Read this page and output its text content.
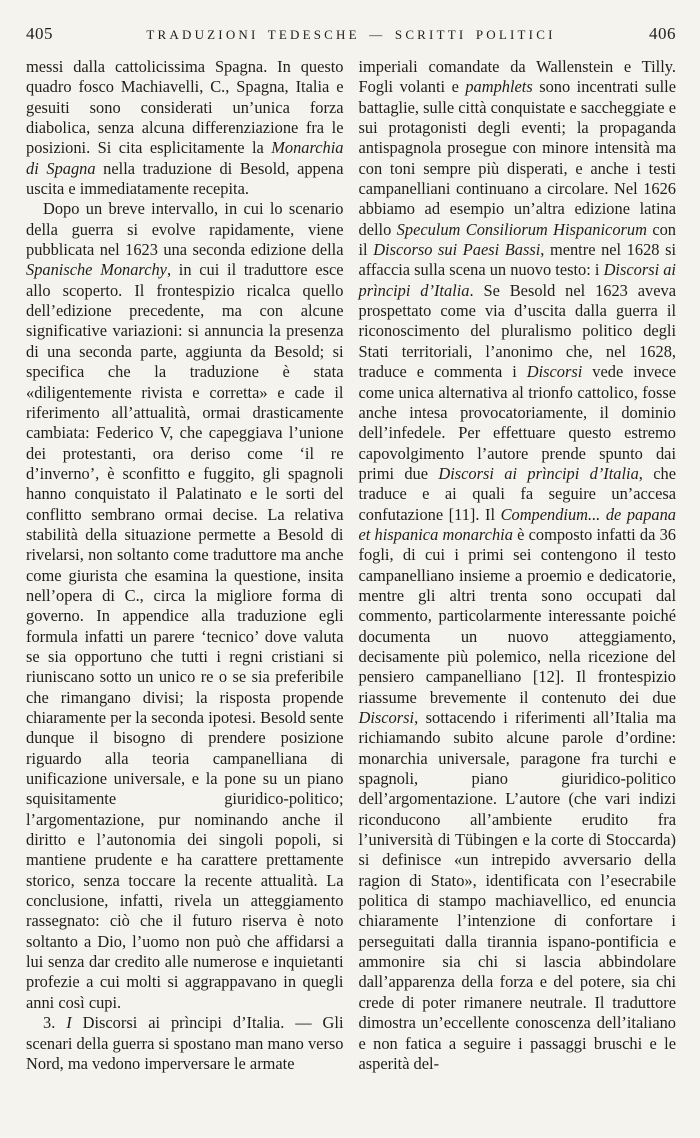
405	TRADUZIONI TEDESCHE — SCRITTI POLITICI	406

messi dalla cattolicissima Spagna. In questo quadro fosco Machiavelli, C., Spagna, Italia e gesuiti sono considerati un’unica forza diabolica, senza alcuna differenziazione fra le posizioni. Si cita esplicitamente la Monarchia di Spagna nella traduzione di Besold, appena uscita e immediatamente recepita.

Dopo un breve intervallo, in cui lo scenario della guerra si evolve rapidamente, viene pubblicata nel 1623 una seconda edizione della Spanische Monarchy, in cui il traduttore esce allo scoperto. Il frontespizio ricalca quello dell’edizione precedente, ma con alcune significative variazioni: si annuncia la presenza di una seconda parte, aggiunta da Besold; si specifica che la traduzione è stata «diligentemente rivista e corretta» e cade il riferimento all’attualità, ormai drasticamente cambiata: Federico V, che capeggiava l’unione dei protestanti, ora deriso come ‘il re d’inverno’, è sconfitto e fuggito, gli spagnoli hanno conquistato il Palatinato e le sorti del conflitto sembrano ormai decise. La relativa stabilità della situazione permette a Besold di rivelarsi, non soltanto come traduttore ma anche come giurista che esamina la questione, insita nell’opera di C., circa la migliore forma di governo. In appendice alla traduzione egli formula infatti un parere ‘tecnico’ dove valuta se sia opportuno che tutti i regni cristiani si riuniscano sotto un unico re o se sia preferibile che rimangano divisi; la risposta propende chiaramente per la seconda ipotesi. Besold sente dunque il bisogno di prendere posizione riguardo alla teoria campanelliana di unificazione universale, e la pone su un piano squisitamente giuridico-politico; l’argomentazione, pur nominando anche il diritto e l’autonomia dei singoli popoli, si mantiene prudente e ha carattere prettamente storico, senza toccare la recente attualità. La conclusione, infatti, rivela un atteggiamento rassegnato: ciò che il futuro riserva è noto soltanto a Dio, l’uomo non può che affidarsi a lui senza dar credito alle numerose e inquietanti profezie a cui molti si aggrappavano in quegli anni così cupi.

3. I Discorsi ai prìncipi d’Italia. — Gli scenari della guerra si spostano man mano verso Nord, ma vedono imperversare le armate

imperiali comandate da Wallenstein e Tilly. Fogli volanti e pamphlets sono incentrati sulle battaglie, sulle città conquistate e saccheggiate e sui protagonisti degli eventi; la propaganda antispagnola prosegue con minore intensità ma con toni sempre più disperati, e anche i testi campanelliani continuano a circolare. Nel 1626 abbiamo ad esempio un’altra edizione latina dello Speculum Consiliorum Hispanicorum con il Discorso sui Paesi Bassi, mentre nel 1628 si affaccia sulla scena un nuovo testo: i Discorsi ai prìncipi d’Italia. Se Besold nel 1623 aveva prospettato come via d’uscita dalla guerra il riconoscimento del pluralismo politico degli Stati territoriali, l’anonimo che, nel 1628, traduce e commenta i Discorsi vede invece come unica alternativa al trionfo cattolico, fosse anche intesa provocatoriamente, il dominio dell’infedele. Per effettuare questo estremo capovolgimento l’autore prende spunto dai primi due Discorsi ai prìncipi d’Italia, che traduce e ai quali fa seguire un’accesa confutazione [11]. Il Compendium... de papana et hispanica monarchia è composto infatti da 36 fogli, di cui i primi sei contengono il testo campanelliano insieme a proemio e dedicatorie, mentre gli altri trenta sono occupati dal commento, particolarmente interessante poiché documenta un nuovo atteggiamento, decisamente più polemico, nella ricezione del pensiero campanelliano [12]. Il frontespizio riassume brevemente il contenuto dei due Discorsi, sottacendo i riferimenti all’Italia ma richiamando subito alcune parole d’ordine: monarchia universale, paragone fra turchi e spagnoli, piano giuridico-politico dell’argomentazione. L’autore (che vari indizi riconducono all’ambiente erudito fra l’università di Tübingen e la corte di Stoccarda) si definisce «un intrepido avversario della ragion di Stato», identificata con l’esecrabile politica di stampo machiavellico, ed enuncia chiaramente l’intenzione di confortare i perseguitati dalla tirannia ispano-pontificia e ammonire sia chi si lascia abbindolare dall’apparenza della forza e del potere, sia chi crede di poter rimanere neutrale. Il traduttore dimostra un’eccellente conoscenza dell’italiano e non fatica a seguire i passaggi bruschi e le asperità del-
